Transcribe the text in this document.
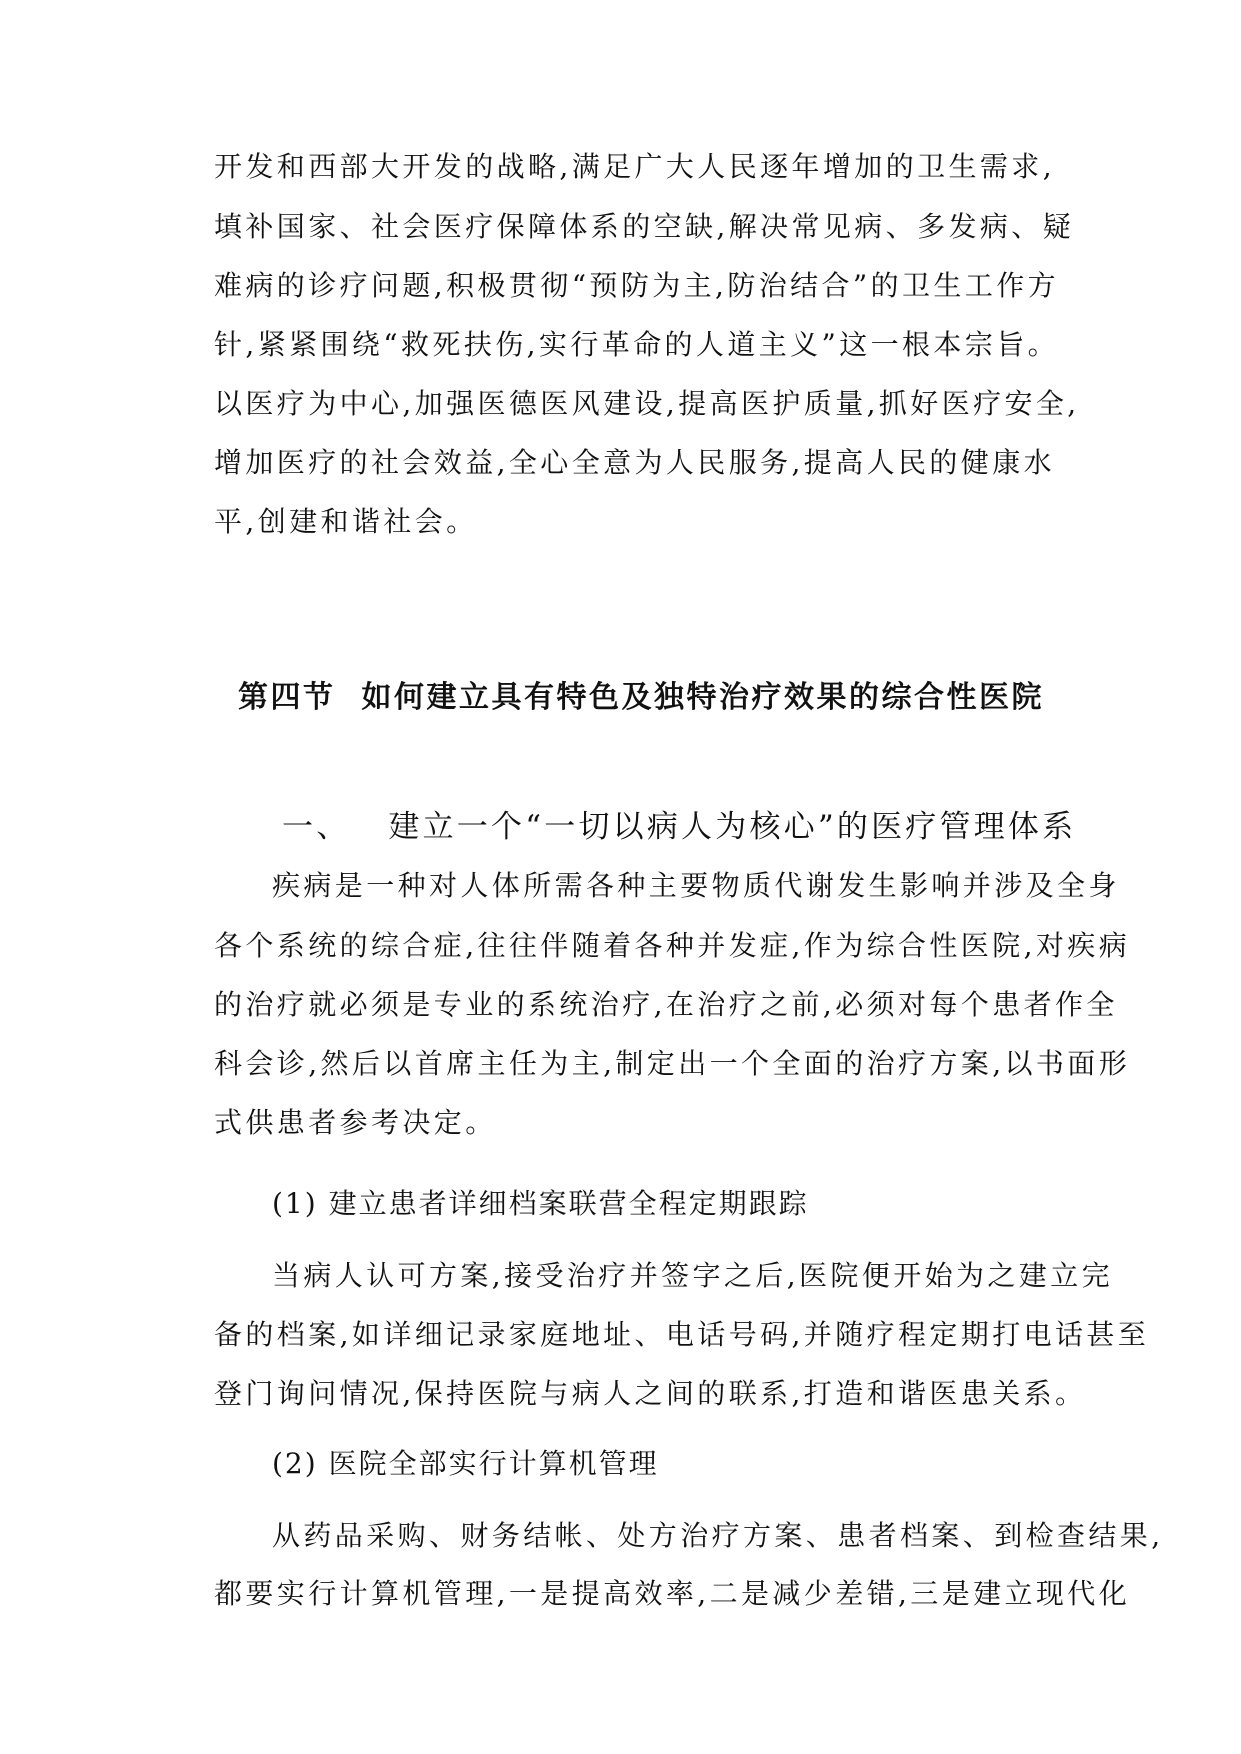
开发和西部大开发的战略,满足广大人民逐年增加的卫生需求,
填补国家、社会医疗保障体系的空缺,解决常见病、多发病、疑
难病的诊疗问题,积极贯彻“预防为主,防治结合”的卫生工作方
针,紧紧围绕“救死扶伤,实行革命的人道主义”这一根本宗旨。
以医疗为中心,加强医德医风建设,提高医护质量,抓好医疗安全,
增加医疗的社会效益,全心全意为人民服务,提高人民的健康水
平,创建和谐社会。
第四节 如何建立具有特色及独特治疗效果的综合性医院
一、 建立一个“一切以病人为核心”的医疗管理体系
疾病是一种对人体所需各种主要物质代谢发生影响并涉及全身
各个系统的综合症,往往伴随着各种并发症,作为综合性医院,对疾病
的治疗就必须是专业的系统治疗,在治疗之前,必须对每个患者作全
科会诊,然后以首席主任为主,制定出一个全面的治疗方案,以书面形
式供患者参考决定。
(1) 建立患者详细档案联营全程定期跟踪
当病人认可方案,接受治疗并签字之后,医院便开始为之建立完
备的档案,如详细记录家庭地址、电话号码,并随疗程定期打电话甚至
登门询问情况,保持医院与病人之间的联系,打造和谐医患关系。
(2) 医院全部实行计算机管理
从药品采购、财务结帐、处方治疗方案、患者档案、到检查结果,
都要实行计算机管理,一是提高效率,二是减少差错,三是建立现代化
